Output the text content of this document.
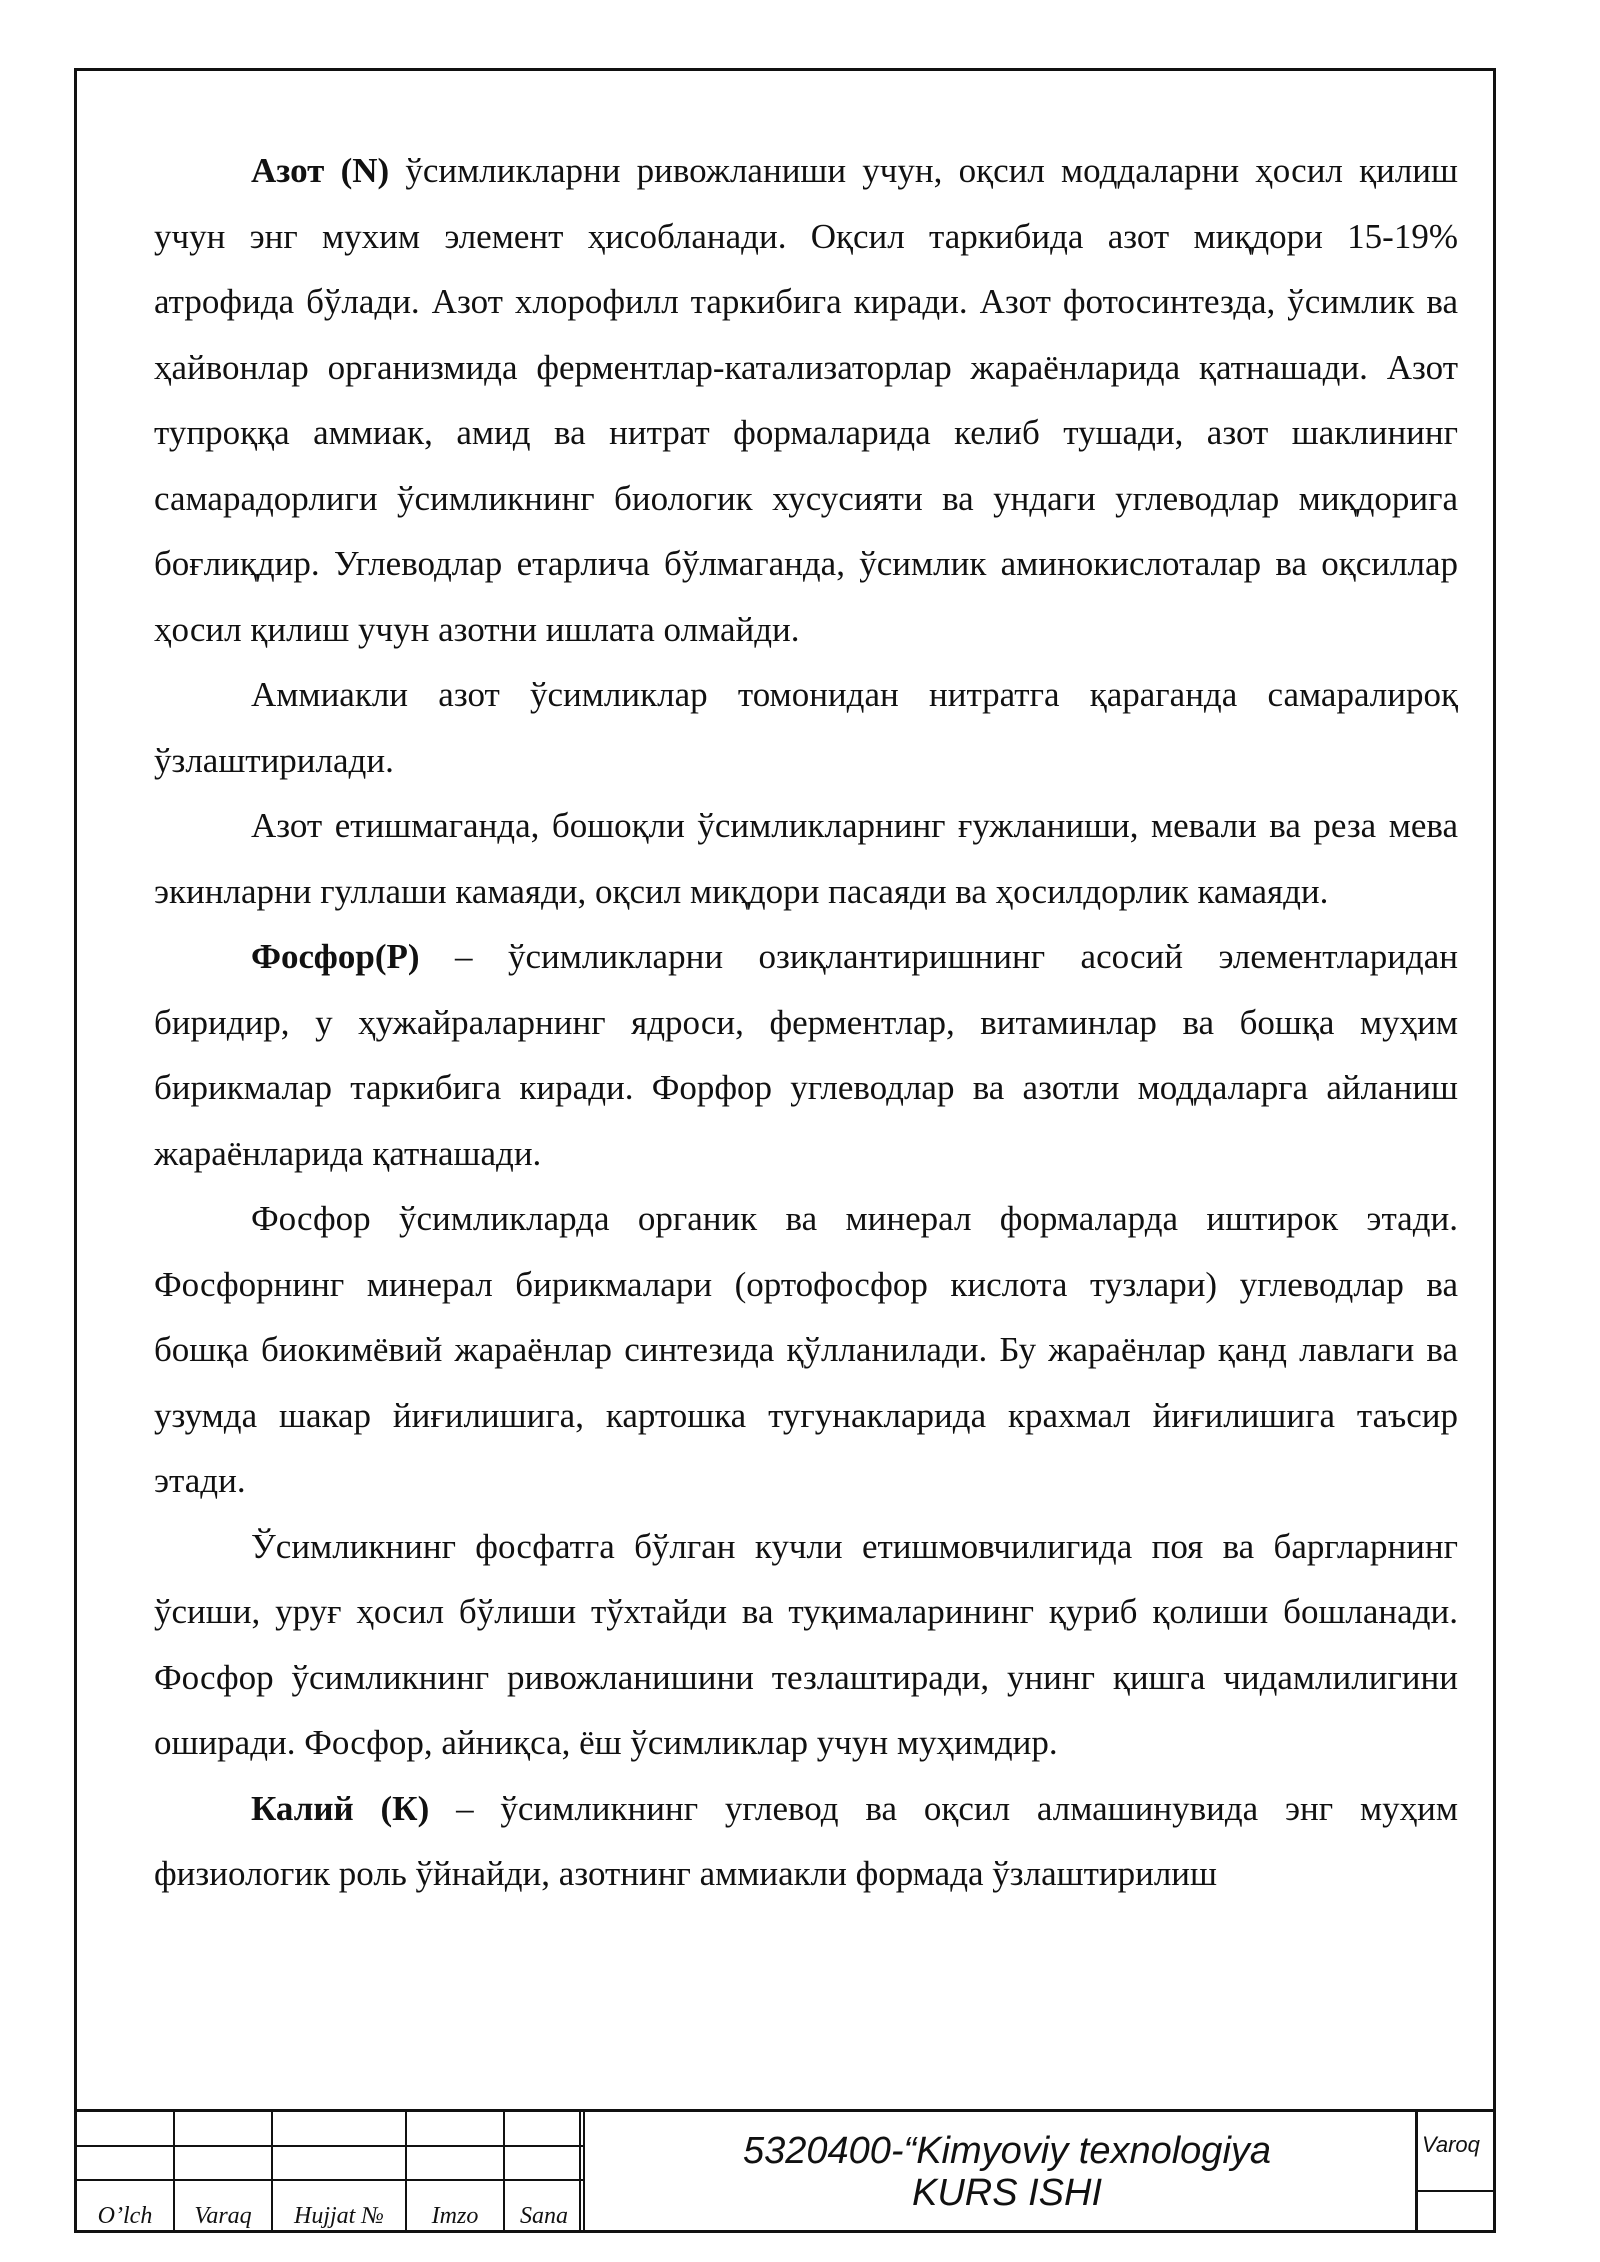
Азот (N) ўсимликларни ривожланиши учун, оқсил моддаларни ҳосил қилиш учун энг мухим элемент ҳисобланади. Оқсил таркибида азот миқдори 15-19% атрофида бўлади. Азот хлорофилл таркибига киради. Азот фотосинтезда, ўсимлик ва ҳайвонлар организмида ферментлар-катализаторлар жараёнларида қатнашади. Азот тупроққа аммиак, амид ва нитрат формаларида келиб тушади, азот шаклининг самарадорлиги ўсимликнинг биологик хусусияти ва ундаги углеводлар миқдорига боғлиқдир. Углеводлар етарлича бўлмаганда, ўсимлик аминокислоталар ва оқсиллар ҳосил қилиш учун азотни ишлата олмайди.

Аммиакли азот ўсимликлар томонидан нитратга қараганда самаралироқ ўзлаштирилади.

Азот етишмаганда, бошоқли ўсимликларнинг ғужланиши, мевали ва реза мева экинларни гуллаши камаяди, оқсил миқдори пасаяди ва ҳосилдорлик камаяди.

Фосфор(Р) – ўсимликларни озиқлантиришнинг асосий элементларидан биридир, у ҳужайраларнинг ядроси, ферментлар, витаминлар ва бошқа муҳим бирикмалар таркибига киради. Форфор углеводлар ва азотли моддаларга айланиш жараёнларида қатнашади.

Фосфор ўсимликларда органик ва минерал формаларда иштирок этади. Фосфорнинг минерал бирикмалари (ортофосфор кислота тузлари) углеводлар ва бошқа биокимёвий жараёнлар синтезида қўлланилади. Бу жараёнлар қанд лавлаги ва узумда шакар йиғилишига, картошка тугунакларида крахмал йиғилишига таъсир этади.

Ўсимликнинг фосфатга бўлган кучли етишмовчилигида поя ва баргларнинг ўсиши, уруғ ҳосил бўлиши тўхтайди ва туқималарининг қуриб қолиши бошланади. Фосфор ўсимликнинг ривожланишини тезлаштиради, унинг қишга чидамлилигини оширади. Фосфор, айниқса, ёш ўсимликлар учун муҳимдир.

Калий (К) – ўсимликнинг углевод ва оқсил алмашинувида энг муҳим физиологик роль ўйнайди, азотнинг аммиакли формада ўзлаштирилиш

O’lch	Varaq	Hujjat №	Imzo	Sana
5320400-“Kimyoviy texnologiya
KURS ISHI
Varoq
